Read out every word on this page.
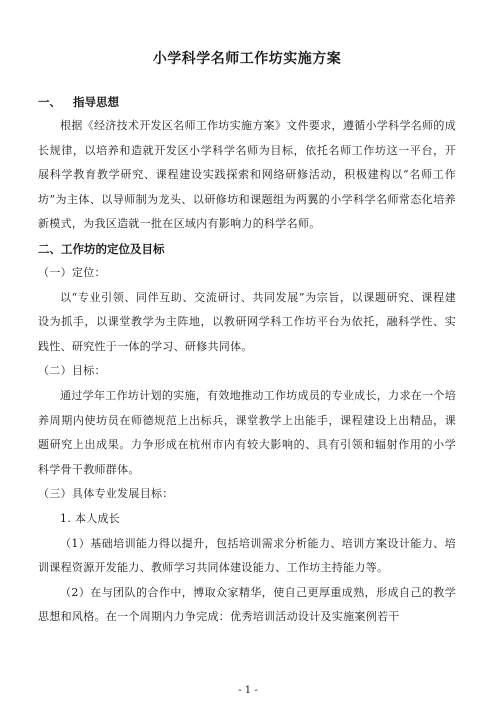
小学科学名师工作坊实施方案
一、 指导思想

根据《经济技术开发区名师工作坊实施方案》文件要求，遵循小学科学名师的成长规律，以培养和造就开发区小学科学名师为目标，依托名师工作坊这一平台，开展科学教育教学研究、课程建设实践探索和网络研修活动，积极建构以“名师工作坊”为主体、以导师制为龙头、以研修坊和课题组为两翼的小学科学名师常态化培养新模式，为我区造就一批在区域内有影响力的科学名师。

二、工作坊的定位及目标

（一）定位：

以“专业引领、同伴互助、交流研讨、共同发展”为宗旨，以课题研究、课程建设为抓手，以课堂教学为主阵地，以教研网学科工作坊平台为依托，融科学性、实践性、研究性于一体的学习、研修共同体。

（二）目标：

通过学年工作坊计划的实施，有效地推动工作坊成员的专业成长，力求在一个培养周期内使坊员在师德规范上出标兵，课堂教学上出能手，课程建设上出精品，课题研究上出成果。力争形成在杭州市内有较大影响的、具有引领和辐射作用的小学科学骨干教师群体。

（三）具体专业发展目标：

1. 本人成长

（1）基础培训能力得以提升，包括培训需求分析能力、培训方案设计能力、培训课程资源开发能力、教师学习共同体建设能力、工作坊主持能力等。

（2）在与团队的合作中，博取众家精华，使自己更厚重成熟，形成自己的教学思想和风格。在一个周期内力争完成：优秀培训活动设计及实施案例若干

- 1 -
